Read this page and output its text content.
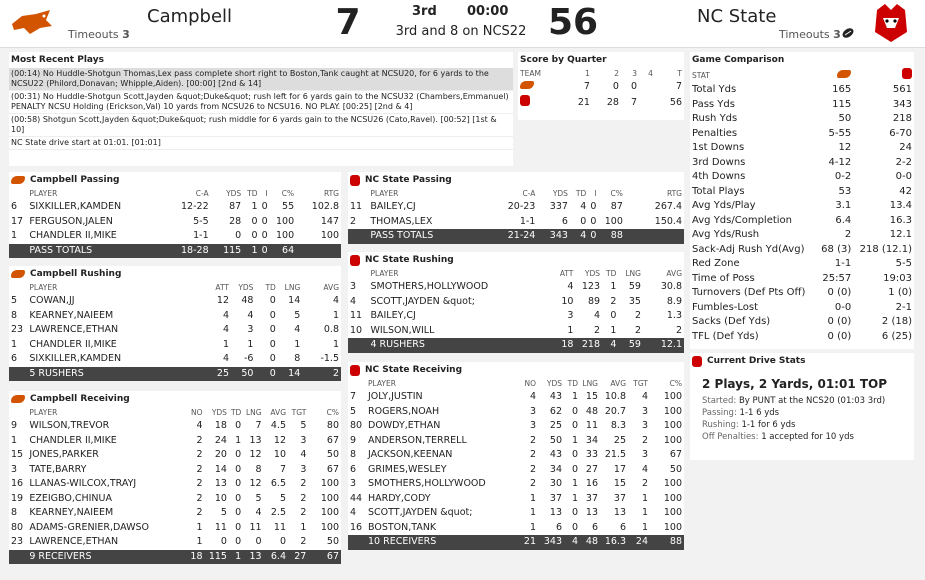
Campbell
Timeouts 3	7	3rd 00:00
3rd and 8 on NCS22 56	NC State
Timeouts 3
Most Recent Plays
(00:14) No Huddle-Shotgun Thomas,Lex pass complete short right to Boston,Tank caught at NCSU20, for 6 yards to the NCSU22 (Philord,Donavan; Whipple,Aiden). [00:00] [2nd & 14]
(00:31) No Huddle-Shotgun Scott,Jayden &quot;Duke&quot; rush left for 6 yards gain to the NCSU32 (Chambers,Emmanuel) PENALTY NCSU Holding (Erickson,Val) 10 yards from NCSU26 to NCSU16. NO PLAY. [00:25] [2nd & 4]
(00:58) Shotgun Scott,Jayden &quot;Duke&quot; rush middle for 6 yards gain to the NCSU26 (Cato,Ravel). [00:52] [1st & 10]
NC State drive start at 01:01. [01:01]
Score by Quarter
TEAM	1	2	3	4	T
	7	0	0		7
	21	28	7		56
Game Comparison
STAT		
Total Yds	165	561
Pass Yds	115	343
Rush Yds	50	218
Penalties	5-55	6-70
1st Downs	12	24
3rd Downs	4-12	2-2
4th Downs	0-2	0-0
Total Plays	53	42
Avg Yds/Play	3.1	13.4
Avg Yds/Completion	6.4	16.3
Avg Yds/Rush	2	12.1
Sack-Adj Rush Yd(Avg)	68 (3)	218 (12.1)
Red Zone	1-1	5-5
Time of Poss	25:57	19:03
Turnovers (Def Pts Off)	0 (0)	1 (0)
Fumbles-Lost	0-0	2-1
Sacks (Def Yds)	0 (0)	2 (18)
TFL (Def Yds)	0 (0)	6 (25)
Current Drive Stats
2 Plays, 2 Yards, 01:01 TOP
Started: By PUNT at the NCS20 (01:03 3rd)
Passing: 1-1 6 yds
Rushing: 1-1 for 6 yds
Off Penalties: 1 accepted for 10 yds
Campbell Passing
	PLAYER	C-A	YDS	TD	I	C%	RTG
6	SIXKILLER,KAMDEN	12-22	87	1	0	55	102.8
17	FERGUSON,JALEN	5-5	28	0	0	100	147
1	CHANDLER II,MIKE	1-1	0	0	0	100	100
	PASS TOTALS	18-28	115	1	0	64	
Campbell Rushing
	PLAYER	ATT	YDS	TD	LNG	AVG
5	COWAN,JJ	12	48	0	14	4
8	KEARNEY,NAIEEM	4	4	0	5	1
23	LAWRENCE,ETHAN	4	3	0	4	0.8
1	CHANDLER II,MIKE	1	1	0	1	1
6	SIXKILLER,KAMDEN	4	-6	0	8	-1.5
	5 RUSHERS	25	50	0	14	2
Campbell Receiving
	PLAYER	NO	YDS	TD	LNG	AVG	TGT	C%
9	WILSON,TREVOR	4	18	0	7	4.5	5	80
1	CHANDLER II,MIKE	2	24	1	13	12	3	67
15	JONES,PARKER	2	20	0	12	10	4	50
3	TATE,BARRY	2	14	0	8	7	3	67
16	LLANAS-WILCOX,TRAYJ	2	13	0	12	6.5	2	100
19	EZEIGBO,CHINUA	2	10	0	5	5	2	100
8	KEARNEY,NAIEEM	2	5	0	4	2.5	2	100
80	ADAMS-GRENIER,DAWSO	1	11	0	11	11	1	100
23	LAWRENCE,ETHAN	1	0	0	0	0	2	50
	9 RECEIVERS	18	115	1	13	6.4	27	67
NC State Passing
	PLAYER	C-A	YDS	TD	I	C%	RTG
11	BAILEY,CJ	20-23	337	4	0	87	267.4
2	THOMAS,LEX	1-1	6	0	0	100	150.4
	PASS TOTALS	21-24	343	4	0	88	
NC State Rushing
	PLAYER	ATT	YDS	TD	LNG	AVG
3	SMOTHERS,HOLLYWOOD	4	123	1	59	30.8
4	SCOTT,JAYDEN &quot;	10	89	2	35	8.9
11	BAILEY,CJ	3	4	0	2	1.3
10	WILSON,WILL	1	2	1	2	2
	4 RUSHERS	18	218	4	59	12.1
NC State Receiving
	PLAYER	NO	YDS	TD	LNG	AVG	TGT	C%
7	JOLY,JUSTIN	4	43	1	15	10.8	4	100
5	ROGERS,NOAH	3	62	0	48	20.7	3	100
80	DOWDY,ETHAN	3	25	0	11	8.3	3	100
9	ANDERSON,TERRELL	2	50	1	34	25	2	100
8	JACKSON,KEENAN	2	43	0	33	21.5	3	67
6	GRIMES,WESLEY	2	34	0	27	17	4	50
3	SMOTHERS,HOLLYWOOD	2	30	1	16	15	2	100
44	HARDY,CODY	1	37	1	37	37	1	100
4	SCOTT,JAYDEN &quot;	1	13	0	13	13	1	100
16	BOSTON,TANK	1	6	0	6	6	1	100
	10 RECEIVERS	21	343	4	48	16.3	24	88
